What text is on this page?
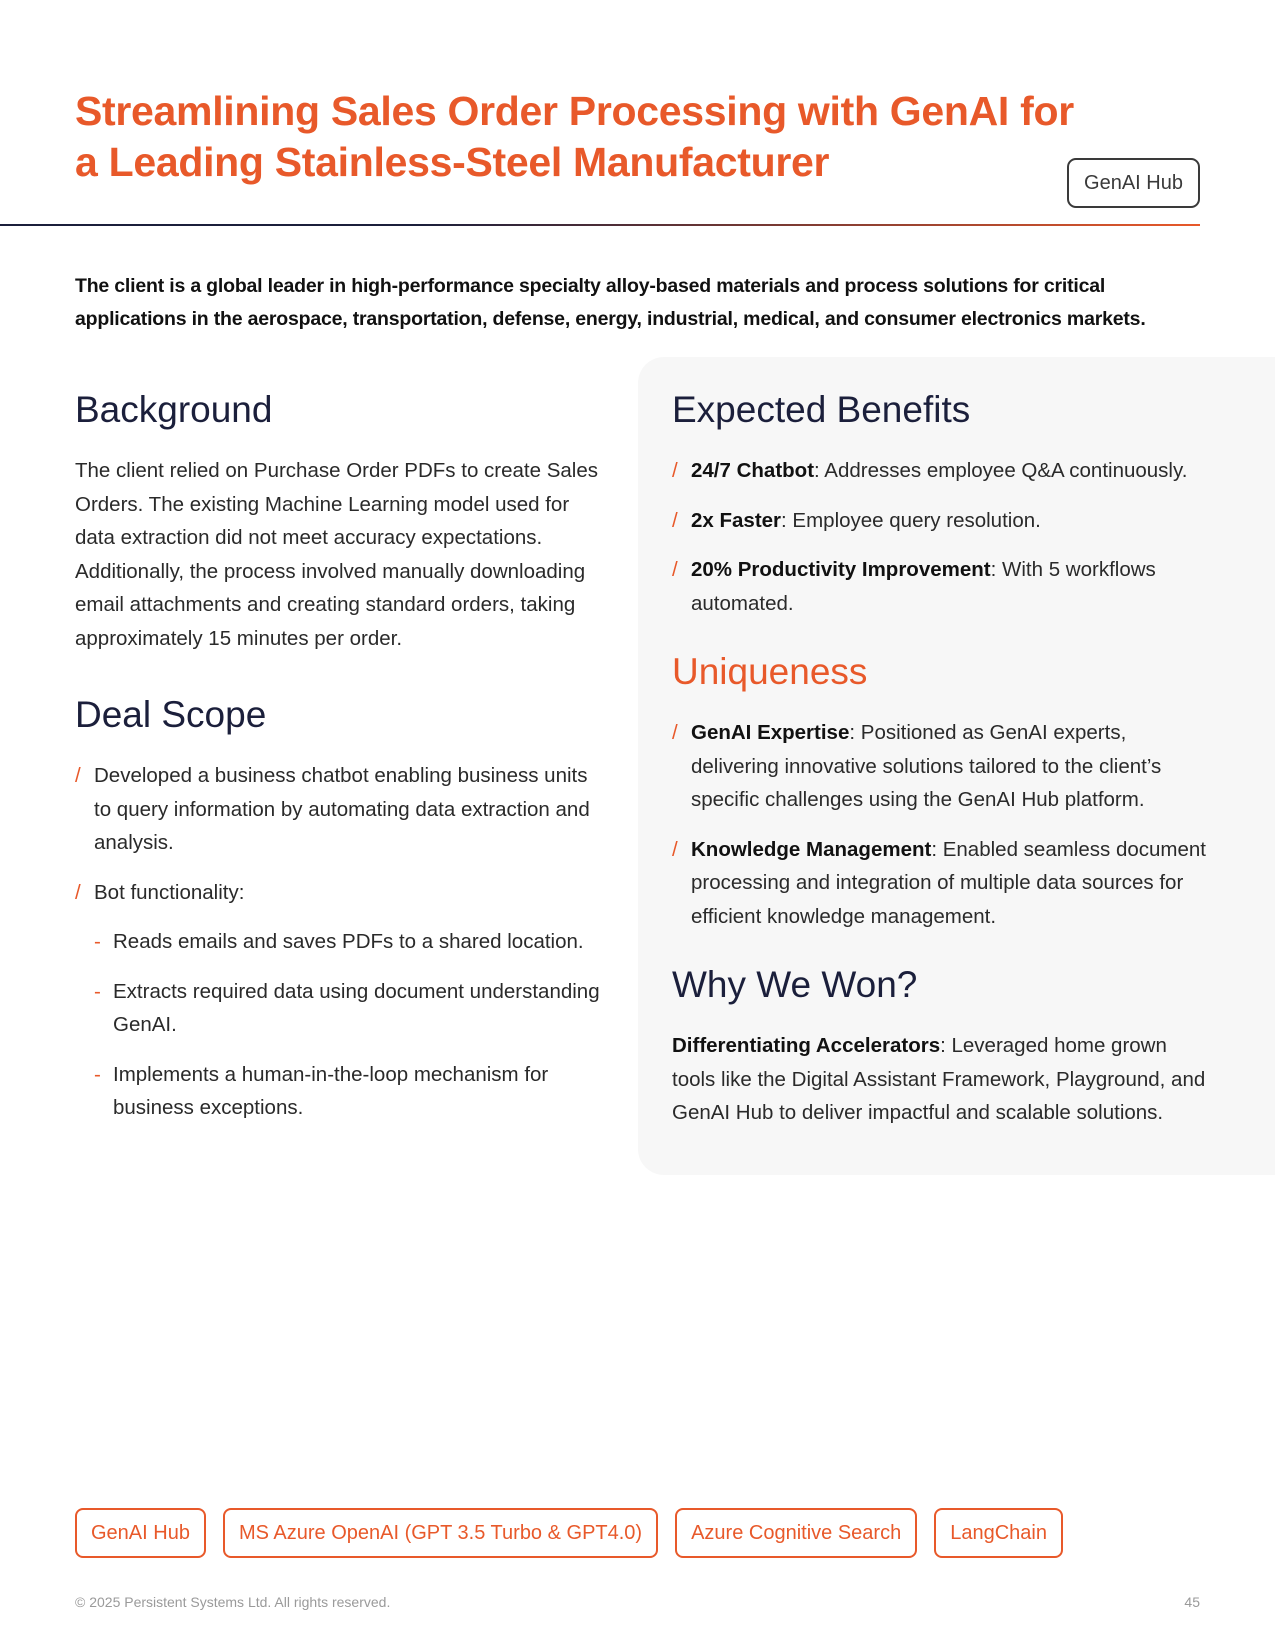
Streamlining Sales Order Processing with GenAI for
a Leading Stainless-Steel Manufacturer	GenAI Hub

The client is a global leader in high-performance specialty alloy-based materials and process solutions for critical applications in the aerospace, transportation, defense, energy, industrial, medical, and consumer electronics markets.

Background

The client relied on Purchase Order PDFs to create Sales Orders. The existing Machine Learning model used for data extraction did not meet accuracy expectations. Additionally, the process involved manually downloading email attachments and creating standard orders, taking approximately 15 minutes per order.

Deal Scope
/ Developed a business chatbot enabling business units to query information by automating data extraction and analysis.
/ Bot functionality:
- Reads emails and saves PDFs to a shared location.
- Extracts required data using document understanding GenAI.
- Implements a human-in-the-loop mechanism for business exceptions.
Expected Benefits
/ 24/7 Chatbot: Addresses employee Q&A continuously.
/ 2x Faster: Employee query resolution.
/ 20% Productivity Improvement: With 5 workflows automated.
Uniqueness
/ GenAI Expertise: Positioned as GenAI experts, delivering innovative solutions tailored to the client’s specific challenges using the GenAI Hub platform.
/ Knowledge Management: Enabled seamless document processing and integration of multiple data sources for efficient knowledge management.
Why We Won?

Differentiating Accelerators: Leveraged home grown tools like the Digital Assistant Framework, Playground, and GenAI Hub to deliver impactful and scalable solutions.

GenAI Hub	MS Azure OpenAI (GPT 3.5 Turbo & GPT4.0)	Azure Cognitive Search	LangChain
© 2025 Persistent Systems Ltd. All rights reserved.	45
